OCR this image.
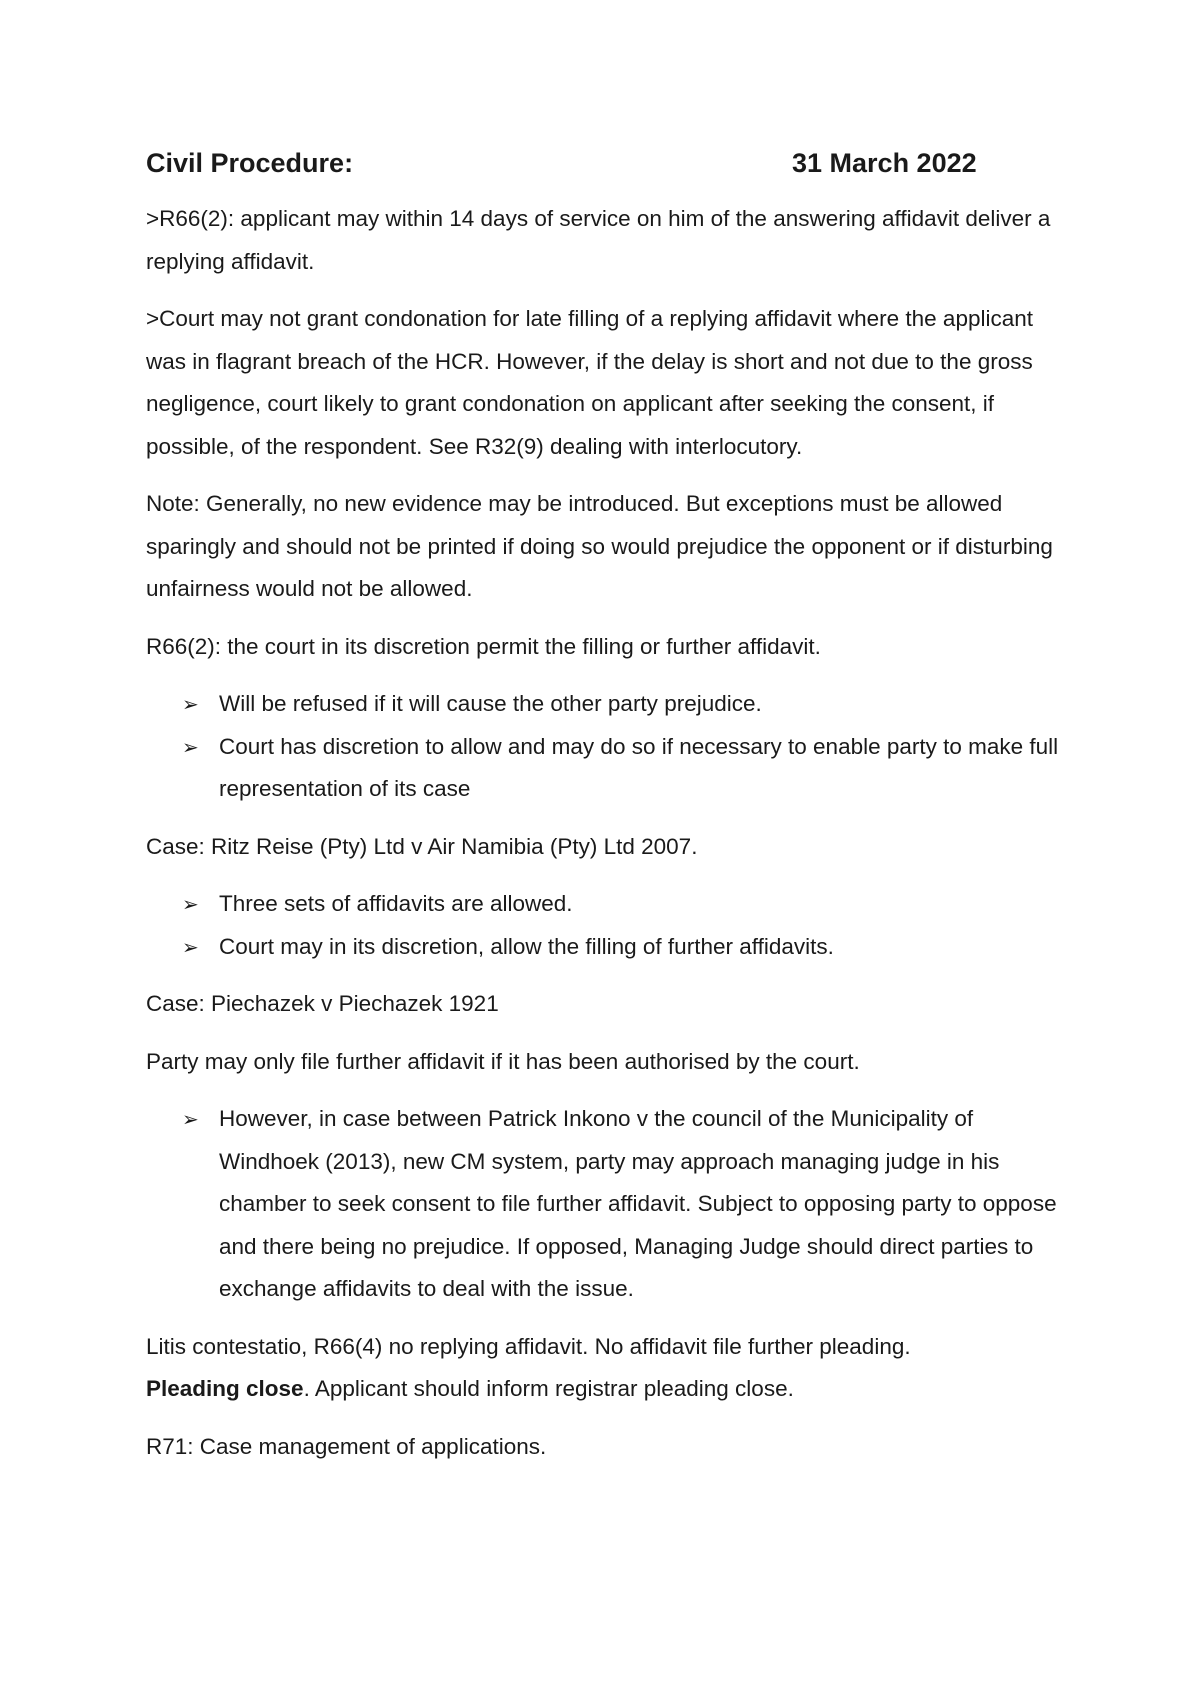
Civil Procedure:	31 March 2022

>R66(2): applicant may within 14 days of service on him of the answering affidavit deliver a replying affidavit.

>Court may not grant condonation for late filling of a replying affidavit where the applicant was in flagrant breach of the HCR. However, if the delay is short and not due to the gross negligence, court likely to grant condonation on applicant after seeking the consent, if possible, of the respondent. See R32(9) dealing with interlocutory.

Note: Generally, no new evidence may be introduced. But exceptions must be allowed sparingly and should not be printed if doing so would prejudice the opponent or if disturbing unfairness would not be allowed.

R66(2): the court in its discretion permit the filling or further affidavit.

➢ Will be refused if it will cause the other party prejudice.
➢ Court has discretion to allow and may do so if necessary to enable party to make full representation of its case

Case: Ritz Reise (Pty) Ltd v Air Namibia (Pty) Ltd 2007.

➢ Three sets of affidavits are allowed.
➢ Court may in its discretion, allow the filling of further affidavits.

Case: Piechazek v Piechazek 1921

Party may only file further affidavit if it has been authorised by the court.

➢ However, in case between Patrick Inkono v the council of the Municipality of Windhoek (2013), new CM system, party may approach managing judge in his chamber to seek consent to file further affidavit. Subject to opposing party to oppose and there being no prejudice. If opposed, Managing Judge should direct parties to exchange affidavits to deal with the issue.

Litis contestatio, R66(4) no replying affidavit. No affidavit file further pleading.

Pleading close. Applicant should inform registrar pleading close.

R71: Case management of applications.
